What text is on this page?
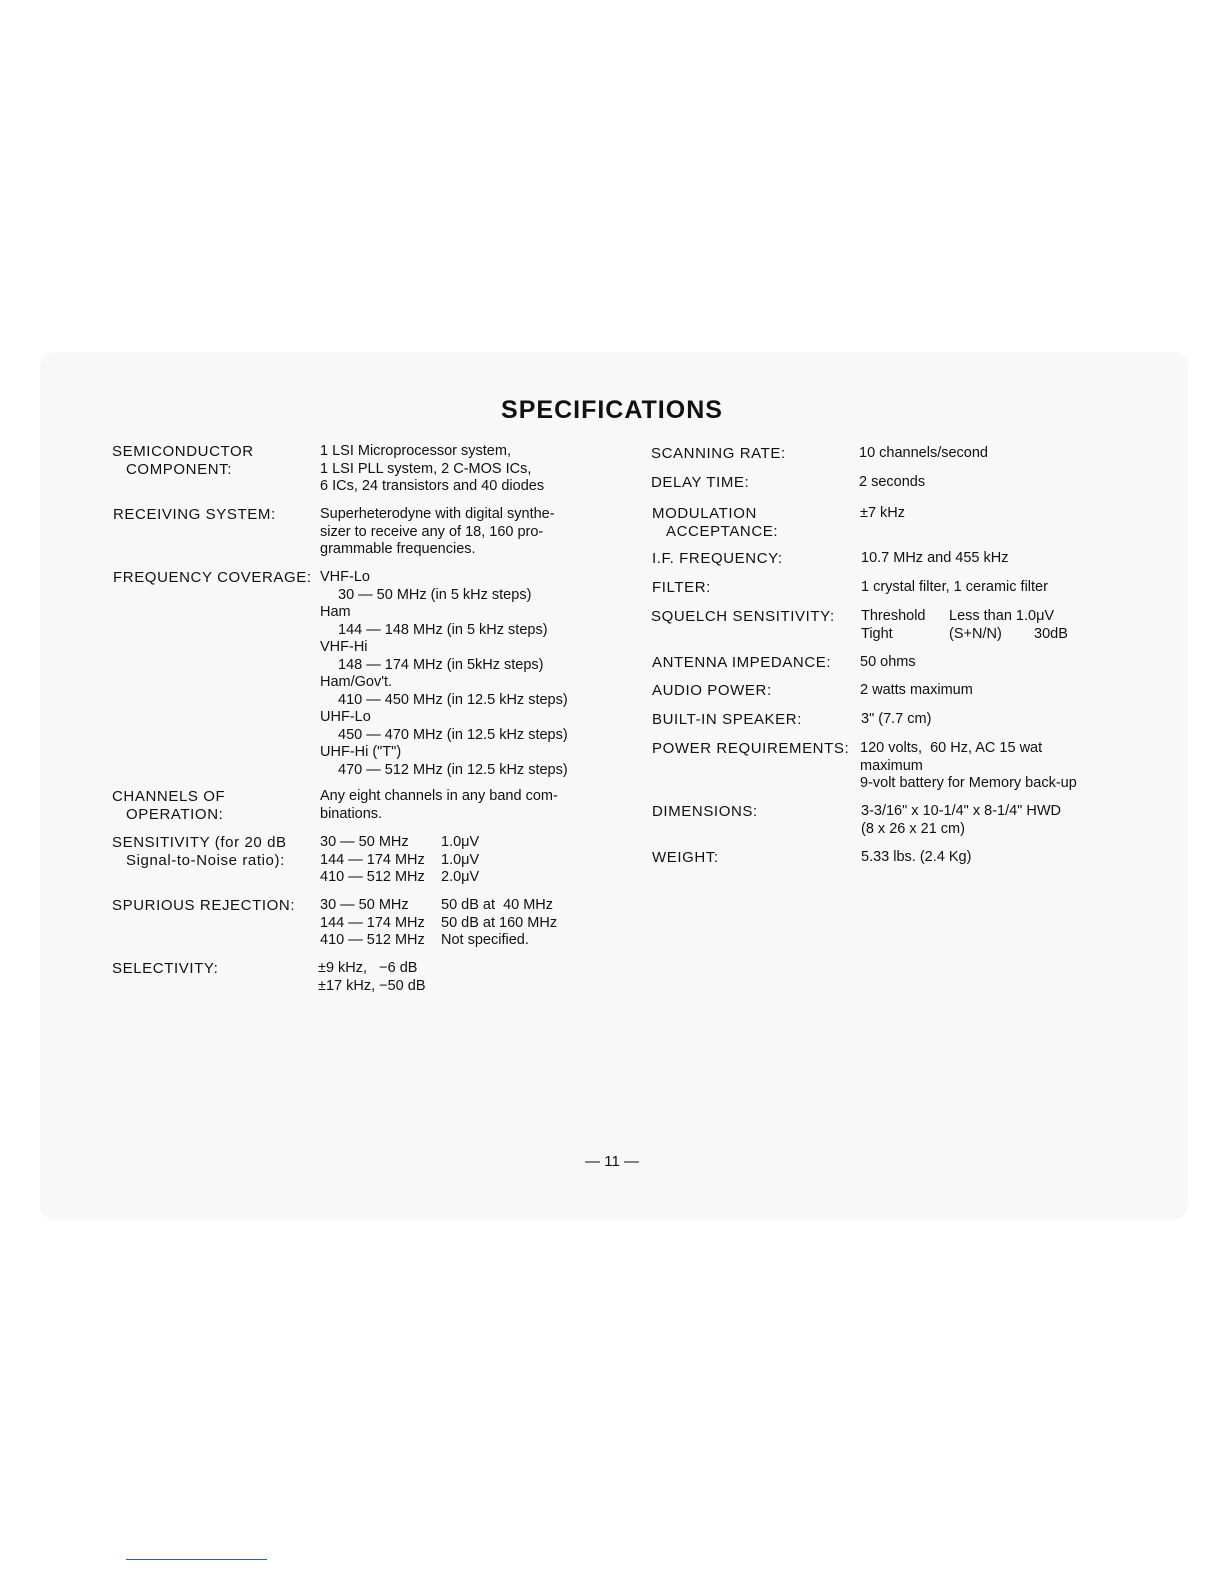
SPECIFICATIONS
SEMICONDUCTOR
COMPONENT:
1 LSI Microprocessor system,
1 LSI PLL system, 2 C-MOS ICs,
6 ICs, 24 transistors and 40 diodes
RECEIVING SYSTEM:	Superheterodyne with digital synthe-
sizer to receive any of 18, 160 pro-
grammable frequencies.
FREQUENCY COVERAGE: VHF-Lo
30 — 50 MHz (in 5 kHz steps)
Ham
144 — 148 MHz (in 5 kHz steps)
VHF-Hi
148 — 174 MHz (in 5kHz steps)
Ham/Gov't.
410 — 450 MHz (in 12.5 kHz steps)
UHF-Lo
450 — 470 MHz (in 12.5 kHz steps)
UHF-Hi ("T")
470 — 512 MHz (in 12.5 kHz steps)
CHANNELS OF
OPERATION:
Any eight channels in any band com-
binations.
SENSITIVITY (for 20 dB
Signal-to-Noise ratio):
30 — 50 MHz	1.0μV
144 — 174 MHz	1.0μV
410 — 512 MHz	2.0μV
SPURIOUS REJECTION: 30 — 50 MHz	50 dB at  40 MHz
144 — 174 MHz	50 dB at 160 MHz
410 — 512 MHz	Not specified.
SELECTIVITY:	±9 kHz,   −6 dB
±17 kHz, −50 dB
SCANNING RATE:	10 channels/second
DELAY TIME:	2 seconds
MODULATION
ACCEPTANCE:
±7 kHz
I.F. FREQUENCY:	10.7 MHz and 455 kHz
FILTER:	1 crystal filter, 1 ceramic filter
SQUELCH SENSITIVITY: Threshold	Less than 1.0μV
Tight	(S+N/N)	30dB
ANTENNA IMPEDANCE: 50 ohms
AUDIO POWER:	2 watts maximum
BUILT-IN SPEAKER:	3" (7.7 cm)
POWER REQUIREMENTS: 120 volts,  60 Hz, AC 15 wat
maximum
9-volt battery for Memory back-up
DIMENSIONS:	3-3/16" x 10-1/4" x 8-1/4" HWD
(8 x 26 x 21 cm)
WEIGHT:	5.33 lbs. (2.4 Kg)
— 11 —
